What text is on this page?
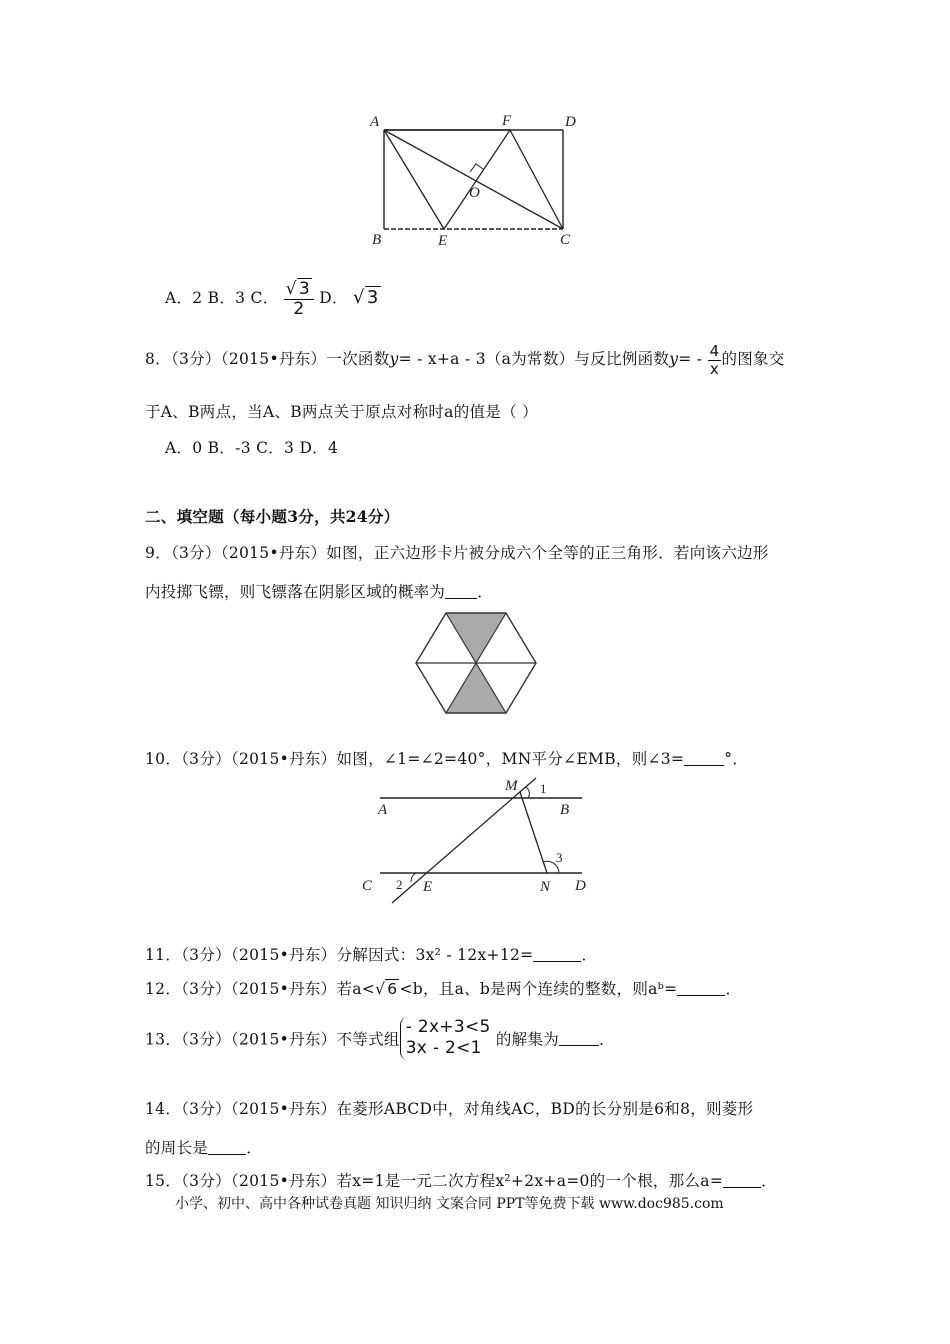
A	F	D
O
B	E	C
A．2 B．3 C． $\frac{√ 3}{2}$ D． √ 3
8．（3分）（2015•丹东）一次函数y= - x+a - 3（a为常数）与反比例函数$y= - \frac{4}{x}$ 的图象交
于A、B两点，当A、B两点关于原点对称时a的值是（ ）
A．0 B．-3 C．3 D．4
二、填空题（每小题3分，共24分）
9．（3分）（2015•丹东）如图，正六边形卡片被分成六个全等的正三角形．若向该六边形
内投掷飞镖，则飞镖落在阴影区域的概率为 ．
10．（3分）（2015•丹东）如图，∠1=∠2=40°，MN平分∠EMB，则∠3=	°．
M 1
A	B
3
C 2 E	N D
11．（3分）（2015•丹东）分解因式：3x² - 12x+12=	．
12．（3分）（2015•丹东）若a<√ 6 <b，且a、b是两个连续的整数，则aᵇ=	．
13．（3分）（2015•丹东）不等式组- 2x+3<5
3x - 2<1 的解集为	．
14．（3分）（2015•丹东）在菱形ABCD中，对角线AC，BD的长分别是6和8，则菱形
的周长是 ．
15．（3分）（2015•丹东）若x=1是一元二次方程x²+2x+a=0的一个根，那么a= ．
小学、初中、高中各种试卷真题 知识归纳 文案合同 PPT等免费下载 www.doc985.com
